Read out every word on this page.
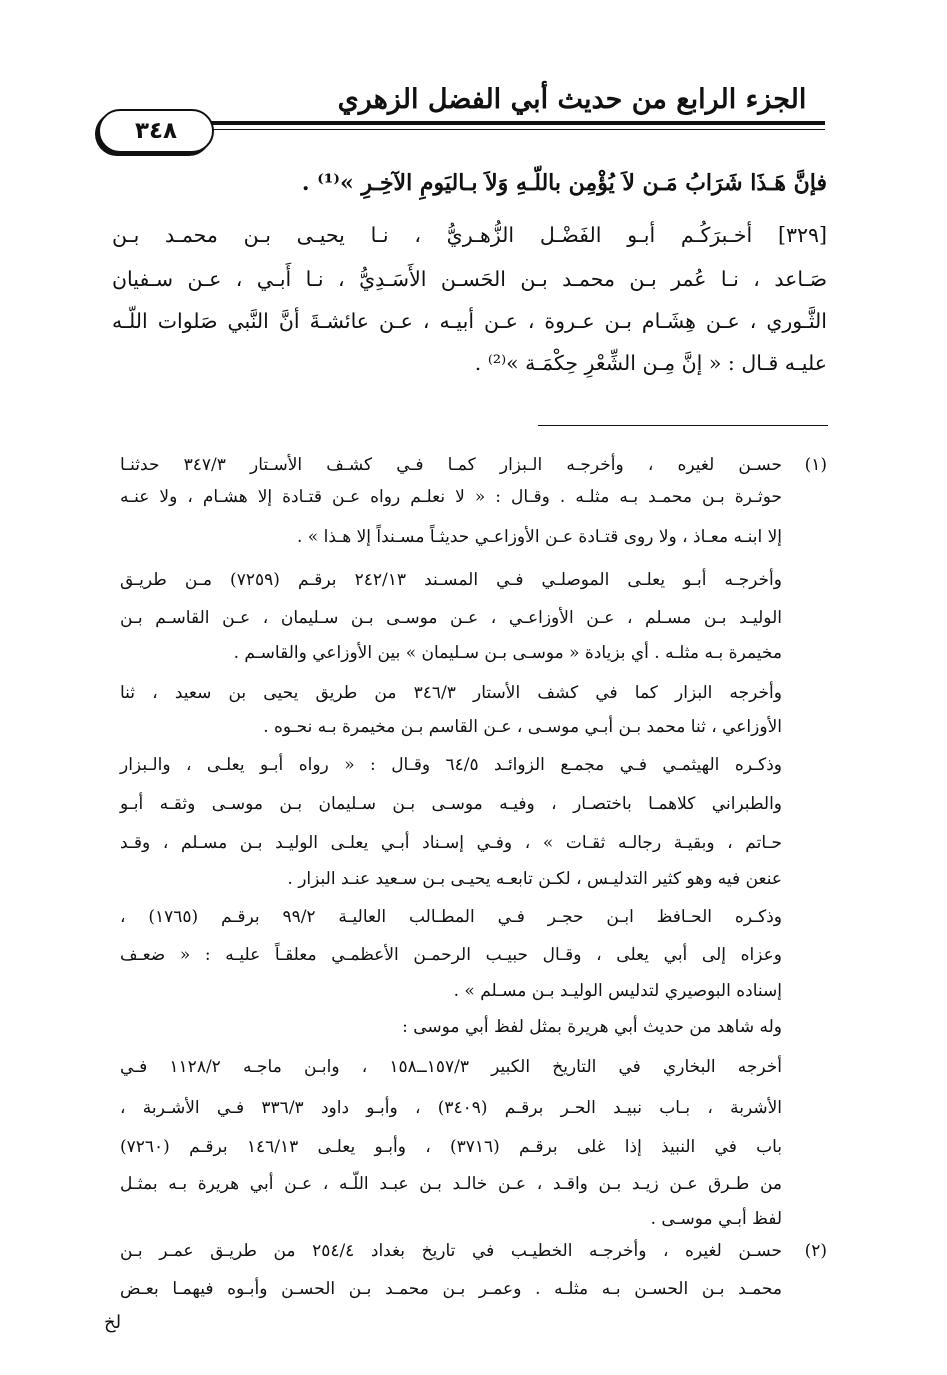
الجزء الرابع من حديث أبي الفضل الزهري
٣٤٨
فإنَّ هَـذَا شَرَابُ مَـن لاَ يُؤْمِن باللّـهِ وَلاَ بـاليَومِ الآخِـرِ »⁽¹⁾ .
[٣٢٩] أخـبرَكُـم أبـو الفَضْـل الزُّهـريُّ ، نـا يحيـى بـن محمـد بـن
صَـاعد ، نـا عُمر بـن محمـد بـن الحَسـن الأَسَـدِيُّ ، نـا أَبـي ، عـن سـفيان
الثَّـوري ، عـن هِشَـام بـن عـروة ، عـن أبيـه ، عـن عائشـةَ أنَّ النَّبي صَلوات اللّـه
عليـه قـال : « إنَّ مِـن الشِّعْرِ حِكْمَـة »⁽²⁾ .
(١)
حسـن لغيره ، وأخرجـه الـبزار كمـا فـي كشـف الأسـتار ٣٤٧/٣ حدثنـا
حوثـرة بـن محمـد بـه مثلـه . وقـال : « لا نعلـم رواه عـن قتـادة إلا هشـام ، ولا عنـه
إلا ابنـه معـاذ ، ولا روى قتـادة عـن الأوزاعـي حديثـاً مسـنداً إلا هـذا » .
وأخرجـه أبـو يعلـى الموصلـي فـي المسـند ٢٤٢/١٣ برقـم (٧٢٥٩) مـن طريـق
الوليـد بـن مسـلم ، عـن الأوزاعـي ، عـن موسـى بـن سـليمان ، عـن القاسـم بـن
مخيمرة بـه مثلـه . أي بزيادة « موسـى بـن سـليمان » بين الأوزاعي والقاسـم .
وأخرجه البزار كما في كشف الأستار ٣٤٦/٣ من طريق يحيى بن سعيد ، ثنا
الأوزاعي ، ثنا محمد بـن أبـي موسـى ، عـن القاسم بـن مخيمرة بـه نحـوه .
وذكـره الهيثمـي فـي مجمـع الزوائـد ٦٤/٥ وقـال : « رواه أبـو يعلـى ، والـبزار
والطبراني كلاهمـا باختصـار ، وفيـه موسـى بـن سـليمان بـن موسـى وثقـه أبـو
حـاتم ، وبقيـة رجالـه ثقـات » ، وفـي إسـناد أبـي يعلـى الوليـد بـن مسـلم ، وقـد
عنعن فيه وهو كثير التدليـس ، لكـن تابعـه يحيـى بـن سـعيد عنـد البزار .
وذكـره الحـافظ ابـن حجـر فـي المطـالب العاليـة ٩٩/٢ برقـم (١٧٦٥) ،
وعزاه إلى أبي يعلى ، وقـال حبيـب الرحمـن الأعظمـي معلقـاً عليـه : « ضعـف
إسناده البوصيري لتدليس الوليـد بـن مسـلم » .
وله شاهد من حديث أبي هريرة بمثل لفظ أبي موسى :
أخرجه البخاري في التاريخ الكبير ١٥٧/٣ــ١٥٨ ، وابـن ماجـه ١١٢٨/٢ فـي
الأشربة ، بـاب نبيـد الحـر برقـم (٣٤٠٩) ، وأبـو داود ٣٣٦/٣ فـي الأشـربة ،
باب في النبيذ إذا غلى برقـم (٣٧١٦) ، وأبـو يعلـى ١٤٦/١٣ برقـم (٧٢٦٠)
من طـرق عـن زيـد بـن واقـد ، عـن خالـد بـن عبـد اللّـه ، عـن أبي هريرة بـه بمثـل
لفظ أبـي موسـى .
(٢)
حسـن لغيره ، وأخرجـه الخطيـب في تاريخ بغداد ٢٥٤/٤ من طريـق عمـر بـن
محمـد بـن الحسـن بـه مثلـه . وعمـر بـن محمـد بـن الحسـن وأبـوه فيهمـا بعـض
لخ
